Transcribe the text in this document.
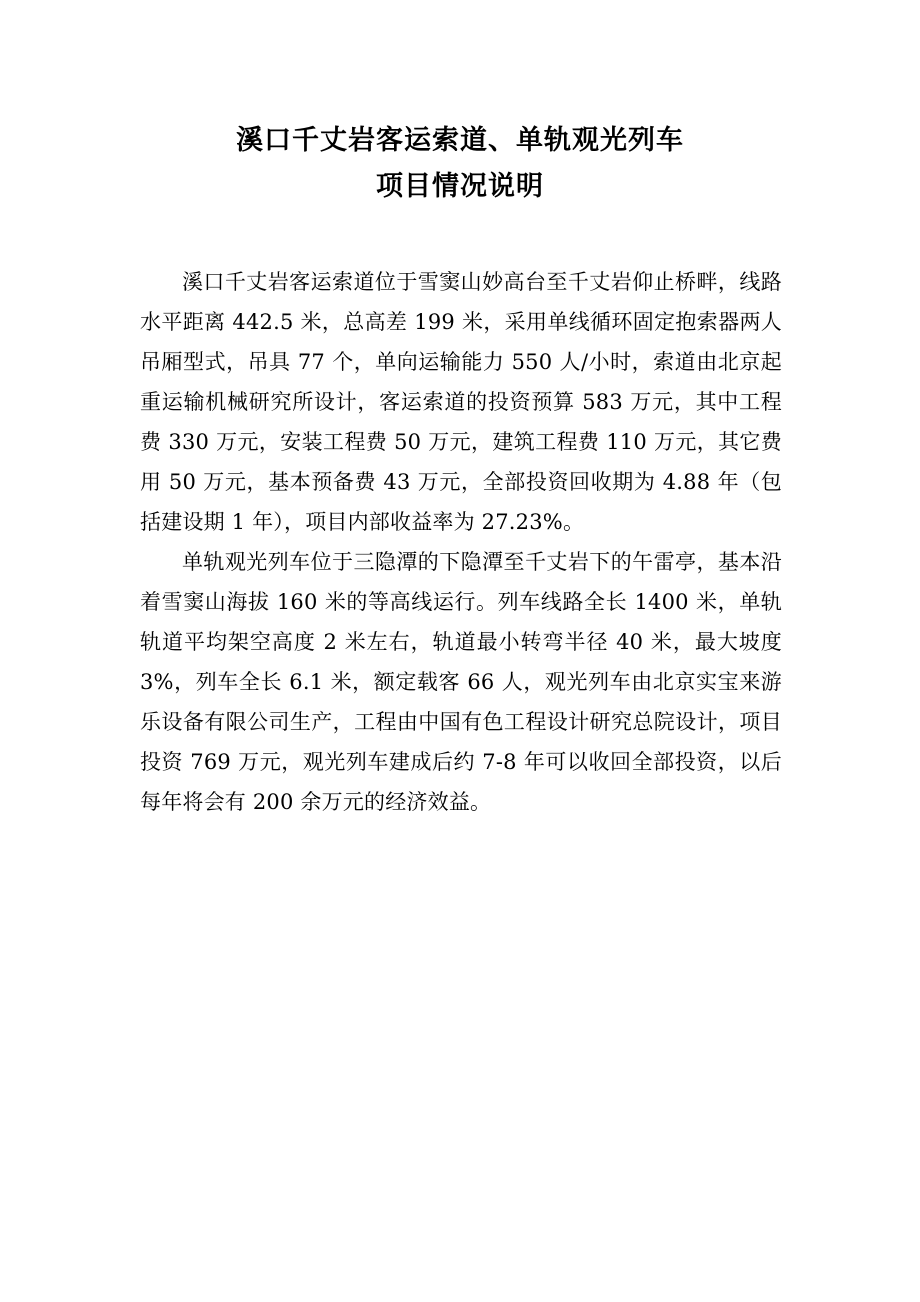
溪口千丈岩客运索道、单轨观光列车

项目情况说明

溪口千丈岩客运索道位于雪窦山妙高台至千丈岩仰止桥畔，线路水平距离 442.5 米，总高差 199 米，采用单线循环固定抱索器两人吊厢型式，吊具 77 个，单向运输能力 550 人/小时，索道由北京起重运输机械研究所设计，客运索道的投资预算 583 万元，其中工程费 330 万元，安装工程费 50 万元，建筑工程费 110 万元，其它费用 50 万元，基本预备费 43 万元，全部投资回收期为 4.88 年（包括建设期 1 年），项目内部收益率为 27.23%。

单轨观光列车位于三隐潭的下隐潭至千丈岩下的午雷亭，基本沿着雪窦山海拔 160 米的等高线运行。列车线路全长 1400 米，单轨轨道平均架空高度 2 米左右，轨道最小转弯半径 40 米，最大坡度 3%，列车全长 6.1 米，额定载客 66 人，观光列车由北京实宝来游乐设备有限公司生产，工程由中国有色工程设计研究总院设计，项目投资 769 万元，观光列车建成后约 7-8 年可以收回全部投资，以后每年将会有 200 余万元的经济效益。
